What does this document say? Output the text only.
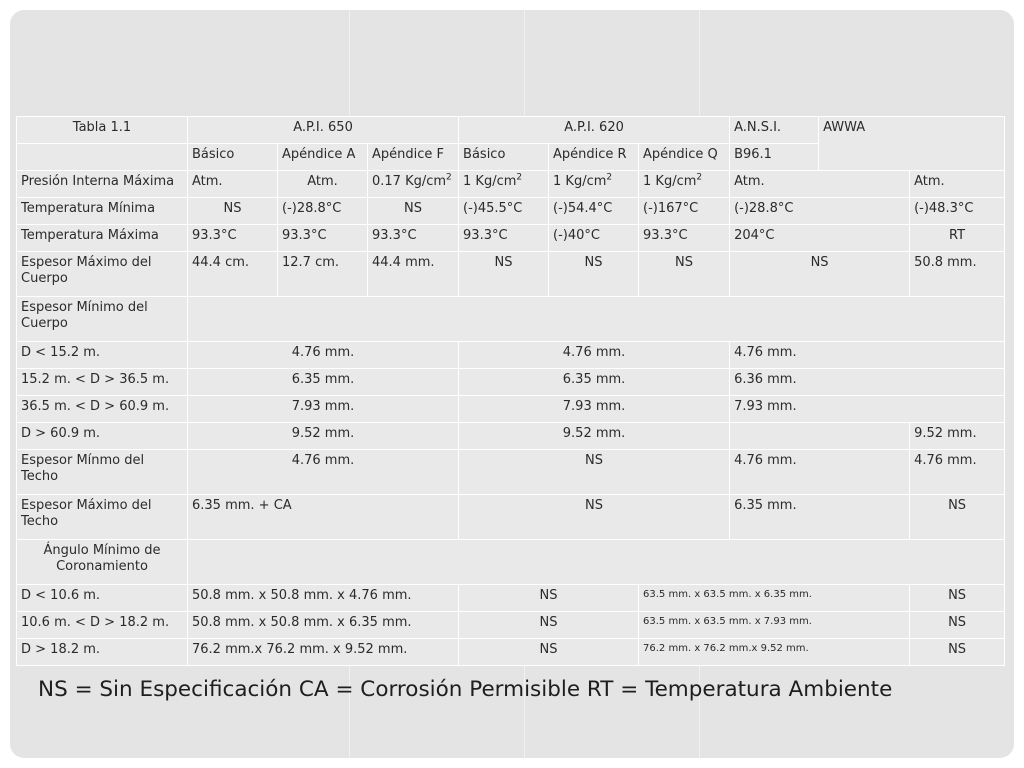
Tabla 1.1	A.P.I. 650			A.P.I. 620			A.N.S.I.	AWWA	
	Básico	Apéndice A	Apéndice F	Básico	Apéndice R	Apéndice Q	B96.1		
Presión Interna Máxima	Atm.	Atm.	0.17 $Kg/cm^2$	1 $Kg/cm^2$	1 $Kg/cm^2$	1 $Kg/cm^2$	Atm.		Atm.
Temperatura Mínima	NS	(-)28.8°C	NS	(-)45.5°C	(-)54.4°C	(-)167°C	(-)28.8°C		(-)48.3°C
Temperatura Máxima	93.3°C	93.3°C	93.3°C	93.3°C	(-)40°C	93.3°C	204°C		RT
Espesor Máximo del Cuerpo	44.4 cm.	12.7 cm.	44.4 mm.	NS	NS	NS	NS		50.8 mm.
Espesor Mínimo del Cuerpo									
D < 15.2 m.	4.76 mm.			4.76 mm.			4.76 mm.		
15.2 m. < D > 36.5 m.	6.35 mm.			6.35 mm.			6.36 mm.		
36.5 m. < D > 60.9 m.	7.93 mm.			7.93 mm.			7.93 mm.		
D > 60.9 m.	9.52 mm.			9.52 mm.					9.52 mm.
Espesor Mínmo del Techo	4.76 mm.			NS			4.76 mm.		4.76 mm.
Espesor Máximo del Techo	6.35 mm. + CA			NS			6.35 mm.		NS
Ángulo Mínimo de Coronamiento									
D < 10.6 m.	50.8 mm. x 50.8 mm. x 4.76 mm.			NS		63.5 mm. x 63.5 mm. x 6.35 mm.			NS
10.6 m. < D > 18.2 m.	50.8 mm. x 50.8 mm. x 6.35 mm.			NS		63.5 mm. x 63.5 mm. x 7.93 mm.			NS
D > 18.2 m.	76.2 mm.x 76.2 mm. x 9.52 mm.			NS		76.2 mm. x 76.2 mm.x 9.52 mm.			NS
NS = Sin Especificación CA = Corrosión Permisible RT = Temperatura Ambiente
